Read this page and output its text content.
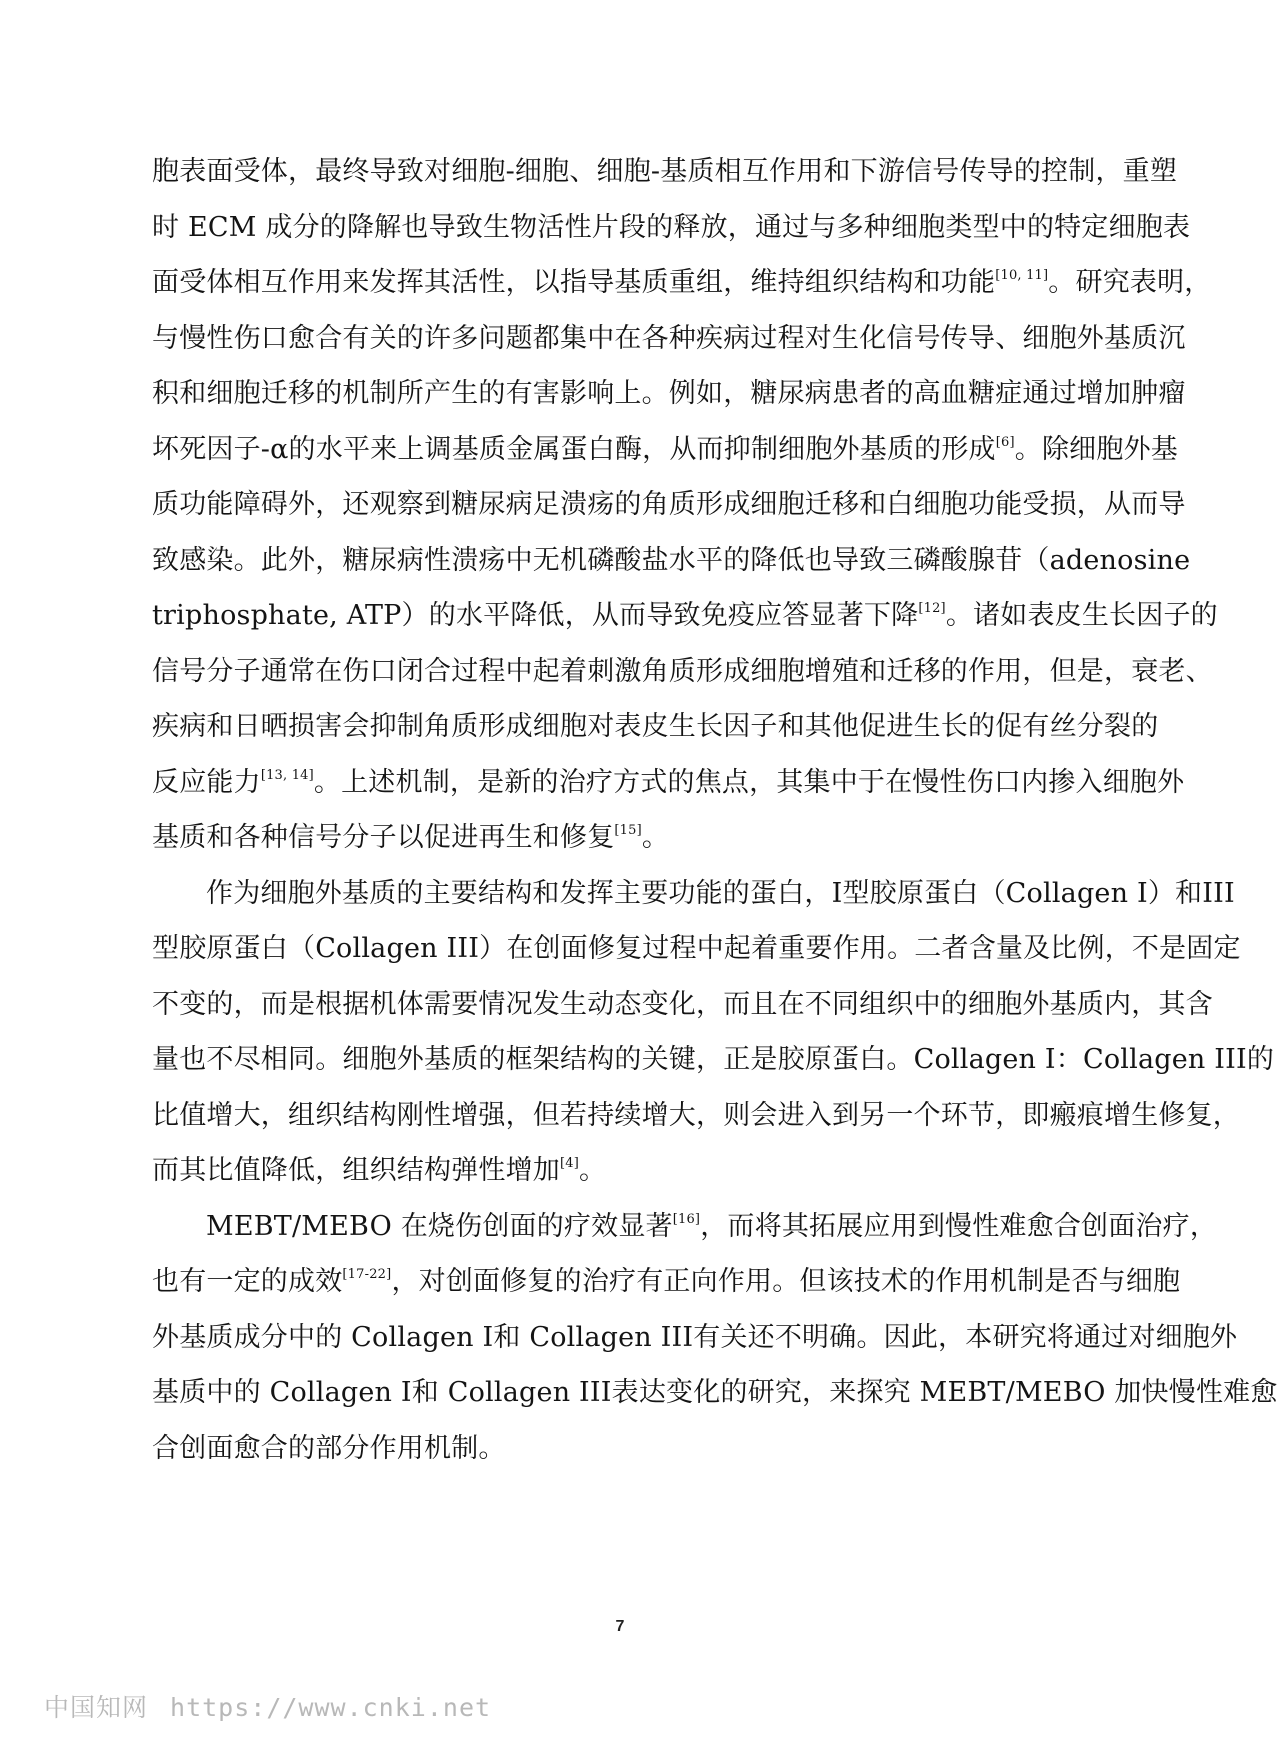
胞表面受体，最终导致对细胞-细胞、细胞-基质相互作用和下游信号传导的控制，重塑
时 ECM 成分的降解也导致生物活性片段的释放，通过与多种细胞类型中的特定细胞表
面受体相互作用来发挥其活性，以指导基质重组，维持组织结构和功能[10, 11]。研究表明，
与慢性伤口愈合有关的许多问题都集中在各种疾病过程对生化信号传导、细胞外基质沉
积和细胞迁移的机制所产生的有害影响上。例如，糖尿病患者的高血糖症通过增加肿瘤
坏死因子-α的水平来上调基质金属蛋白酶，从而抑制细胞外基质的形成[6]。除细胞外基
质功能障碍外，还观察到糖尿病足溃疡的角质形成细胞迁移和白细胞功能受损，从而导
致感染。此外，糖尿病性溃疡中无机磷酸盐水平的降低也导致三磷酸腺苷（adenosine
triphosphate, ATP）的水平降低，从而导致免疫应答显著下降[12]。诸如表皮生长因子的
信号分子通常在伤口闭合过程中起着刺激角质形成细胞增殖和迁移的作用，但是，衰老、
疾病和日晒损害会抑制角质形成细胞对表皮生长因子和其他促进生长的促有丝分裂的
反应能力[13, 14]。上述机制，是新的治疗方式的焦点，其集中于在慢性伤口内掺入细胞外
基质和各种信号分子以促进再生和修复[15]。
作为细胞外基质的主要结构和发挥主要功能的蛋白，I型胶原蛋白（Collagen I）和III
型胶原蛋白（Collagen III）在创面修复过程中起着重要作用。二者含量及比例，不是固定
不变的，而是根据机体需要情况发生动态变化，而且在不同组织中的细胞外基质内，其含
量也不尽相同。细胞外基质的框架结构的关键，正是胶原蛋白。Collagen I：Collagen III的
比值增大，组织结构刚性增强，但若持续增大，则会进入到另一个环节，即瘢痕增生修复，
而其比值降低，组织结构弹性增加[4]。
MEBT/MEBO 在烧伤创面的疗效显著[16]，而将其拓展应用到慢性难愈合创面治疗，
也有一定的成效[17-22]，对创面修复的治疗有正向作用。但该技术的作用机制是否与细胞
外基质成分中的 Collagen I和 Collagen III有关还不明确。因此，本研究将通过对细胞外
基质中的 Collagen I和 Collagen III表达变化的研究，来探究 MEBT/MEBO 加快慢性难愈
合创面愈合的部分作用机制。
7
中国知网 https://www.cnki.net
